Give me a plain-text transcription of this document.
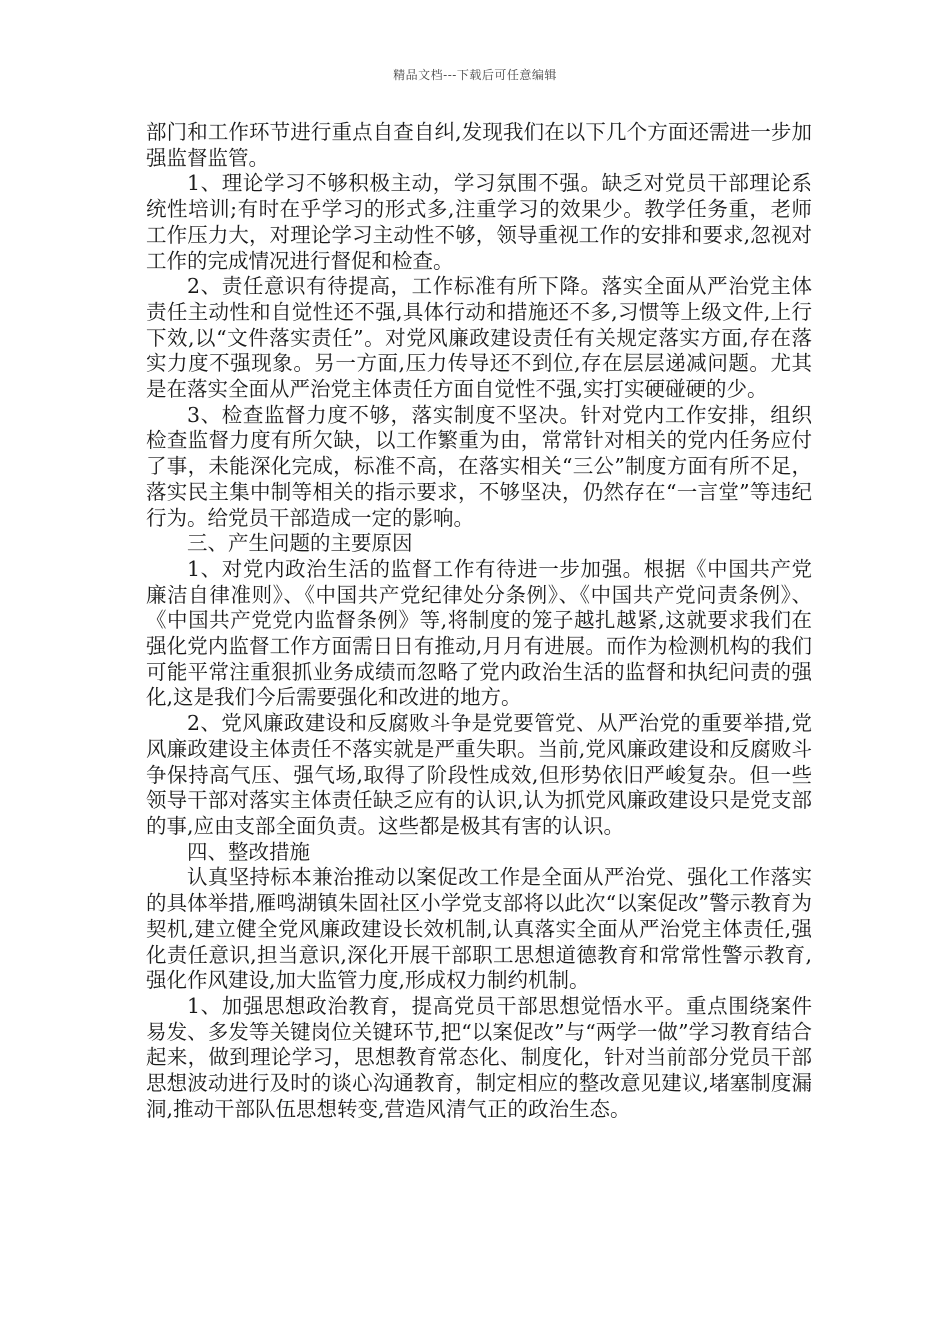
精品文档---下载后可任意编辑

部门和工作环节进行重点自查自纠,发现我们在以下几个方面还需进一步加强监督监管。

1、理论学习不够积极主动，学习氛围不强。缺乏对党员干部理论系统性培训;有时在乎学习的形式多,注重学习的效果少。教学任务重，老师工作压力大，对理论学习主动性不够，领导重视工作的安排和要求,忽视对工作的完成情况进行督促和检查。

2、责任意识有待提高，工作标准有所下降。落实全面从严治党主体责任主动性和自觉性还不强,具体行动和措施还不多,习惯等上级文件,上行下效,以“文件落实责任”。对党风廉政建设责任有关规定落实方面,存在落实力度不强现象。另一方面,压力传导还不到位,存在层层递减问题。尤其是在落实全面从严治党主体责任方面自觉性不强,实打实硬碰硬的少。

3、检查监督力度不够，落实制度不坚决。针对党内工作安排，组织检查监督力度有所欠缺，以工作繁重为由，常常针对相关的党内任务应付了事，未能深化完成，标准不高，在落实相关“三公”制度方面有所不足，落实民主集中制等相关的指示要求，不够坚决，仍然存在“一言堂”等违纪行为。给党员干部造成一定的影响。

三、产生问题的主要原因

1、对党内政治生活的监督工作有待进一步加强。根据《中国共产党廉洁自律准则》、《中国共产党纪律处分条例》、《中国共产党问责条例》、《中国共产党党内监督条例》等,将制度的笼子越扎越紧,这就要求我们在强化党内监督工作方面需日日有推动,月月有进展。而作为检测机构的我们可能平常注重狠抓业务成绩而忽略了党内政治生活的监督和执纪问责的强化,这是我们今后需要强化和改进的地方。

2、党风廉政建设和反腐败斗争是党要管党、从严治党的重要举措,党风廉政建设主体责任不落实就是严重失职。当前,党风廉政建设和反腐败斗争保持高气压、强气场,取得了阶段性成效,但形势依旧严峻复杂。但一些领导干部对落实主体责任缺乏应有的认识,认为抓党风廉政建设只是党支部的事,应由支部全面负责。这些都是极其有害的认识。

四、整改措施

认真坚持标本兼治推动以案促改工作是全面从严治党、强化工作落实的具体举措,雁鸣湖镇朱固社区小学党支部将以此次“以案促改”警示教育为契机,建立健全党风廉政建设长效机制,认真落实全面从严治党主体责任,强化责任意识,担当意识,深化开展干部职工思想道德教育和常常性警示教育,强化作风建设,加大监管力度,形成权力制约机制。

1、加强思想政治教育，提高党员干部思想觉悟水平。重点围绕案件易发、多发等关键岗位关键环节,把“以案促改”与“两学一做”学习教育结合起来，做到理论学习，思想教育常态化、制度化，针对当前部分党员干部思想波动进行及时的谈心沟通教育，制定相应的整改意见建议,堵塞制度漏洞,推动干部队伍思想转变,营造风清气正的政治生态。
